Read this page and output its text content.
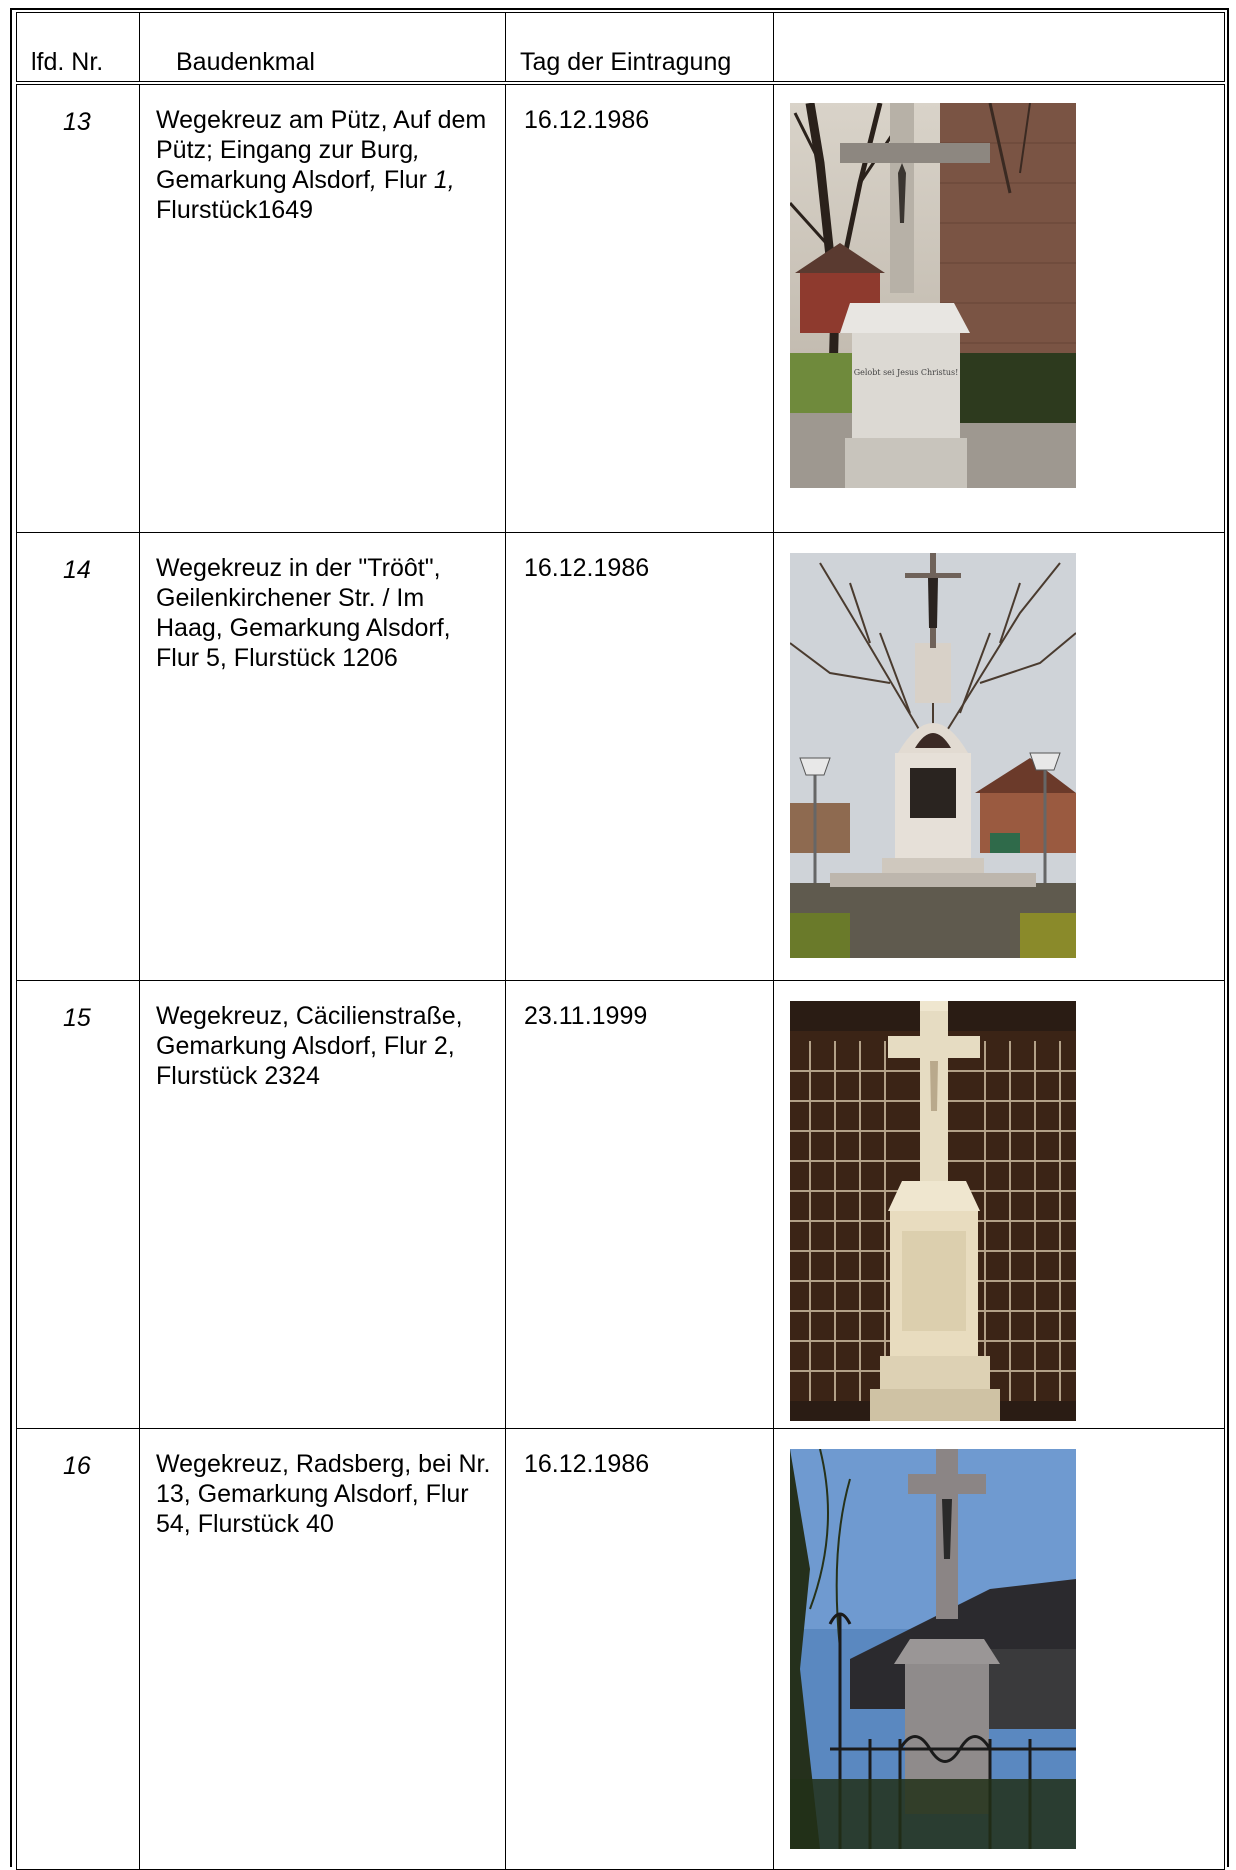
lfd. Nr.	Baudenkmal	Tag der Eintragung	

13	Wegekreuz am Pütz, Auf dem Pütz; Eingang zur Burg, Gemarkung Alsdorf, Flur 1, Flurstück1649	16.12.1986	Gelobt sei Jesus Christus!

14	Wegekreuz in der "Tröôt", Geilenkirchener Str. / Im Haag, Gemarkung Alsdorf, Flur 5, Flurstück 1206	16.12.1986

15	Wegekreuz, Cäcilienstraße, Gemarkung Alsdorf, Flur 2, Flurstück 2324	23.11.1999

16	Wegekreuz, Radsberg, bei Nr. 13, Gemarkung Alsdorf, Flur 54, Flurstück 40	16.12.1986
